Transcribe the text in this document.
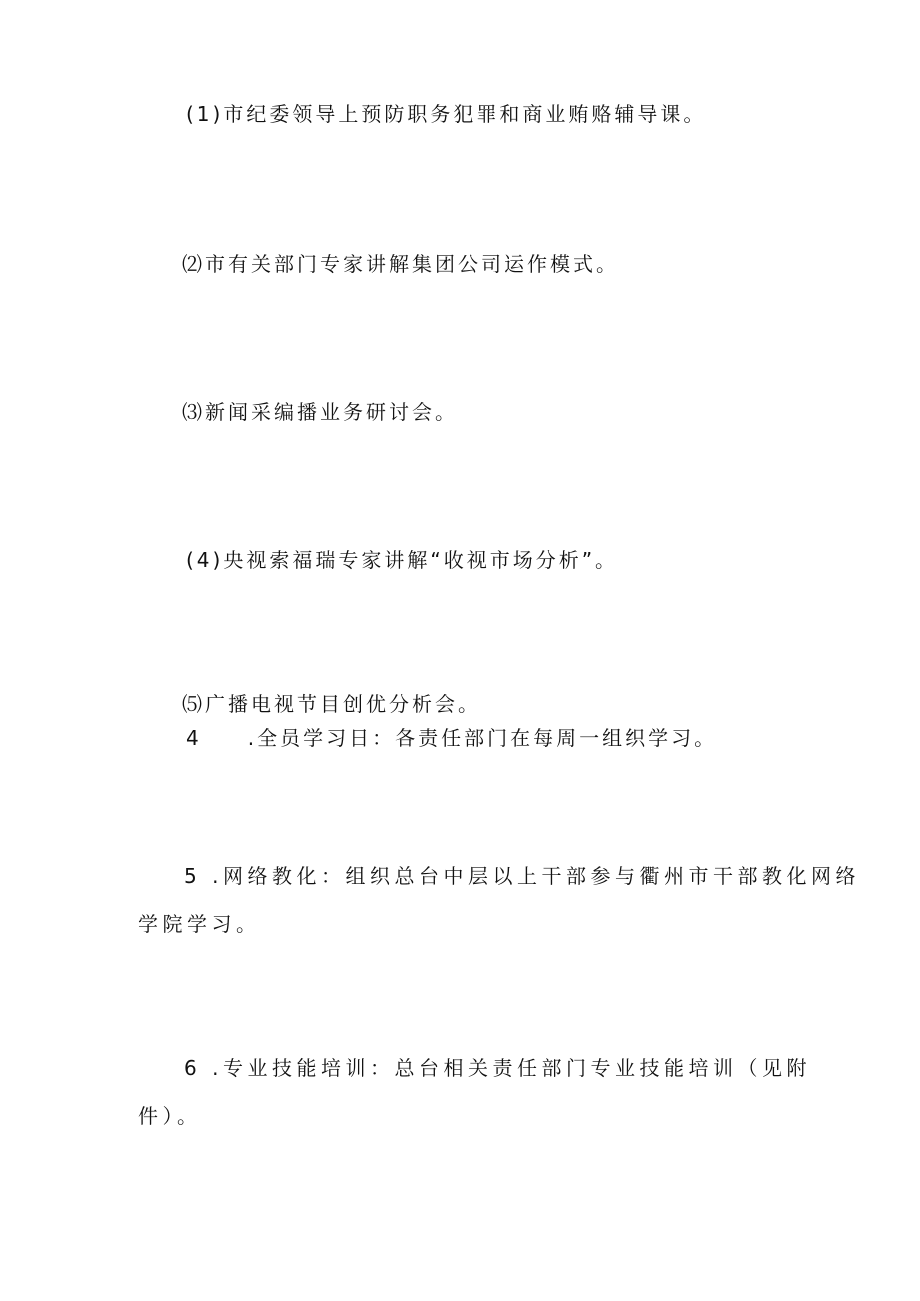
(1)市纪委领导上预防职务犯罪和商业贿赂辅导课。
⑵市有关部门专家讲解集团公司运作模式。
⑶新闻采编播业务研讨会。
(4)央视索福瑞专家讲解“收视市场分析”。
⑸广播电视节目创优分析会。
4 .全员学习日：各责任部门在每周一组织学习。
5 .网络教化：组织总台中层以上干部参与衢州市干部教化网络
学院学习。
6 .专业技能培训：总台相关责任部门专业技能培训（见附
件）。
